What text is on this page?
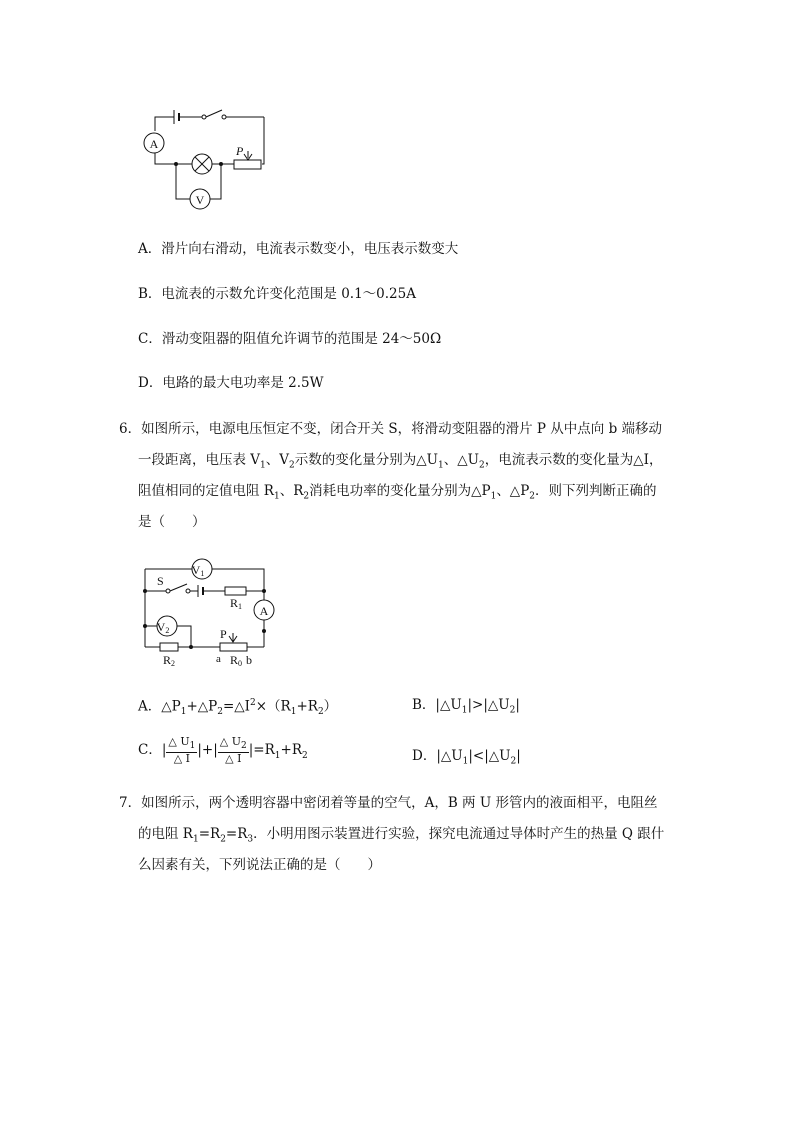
A
V
P
A．滑片向右滑动，电流表示数变小，电压表示数变大
B．电流表的示数允许变化范围是 0.1～0.25A
C．滑动变阻器的阻值允许调节的范围是 24～50Ω
D．电路的最大电功率是 2.5W
6．如图所示，电源电压恒定不变，闭合开关 S，将滑动变阻器的滑片 P 从中点向 b 端移动
一段距离，电压表 $V_1$、$V_2$示数的变化量分别为$\triangle U_1$、$\triangle U_2$，电流表示数的变化量为△I，
阻值相同的定值电阻 $R_1$、$R_2$消耗电功率的变化量分别为$\triangle P_1$、$\triangle P_2$．则下列判断正确的
是（　　）
S
V1
V2
R1
R2	R0
A
P
a b
A．$\triangle P_1+\triangle P_2=\triangle I^2\times(R_1+R_2)$	B．$|\triangle U_1|>|\triangle U_2|$
C．| $\frac{\triangle U_1}{\triangle I}$ |+| $\frac{\triangle U_2}{\triangle I} |=R_1+R_2$	D．$|\triangle U_1|<|\triangle U_2|$
7．如图所示，两个透明容器中密闭着等量的空气，A，B 两 U 形管内的液面相平，电阻丝
的电阻 $R_1=R_2=R_3$．小明用图示装置进行实验，探究电流通过导体时产生的热量 Q 跟什
么因素有关，下列说法正确的是（　　）
